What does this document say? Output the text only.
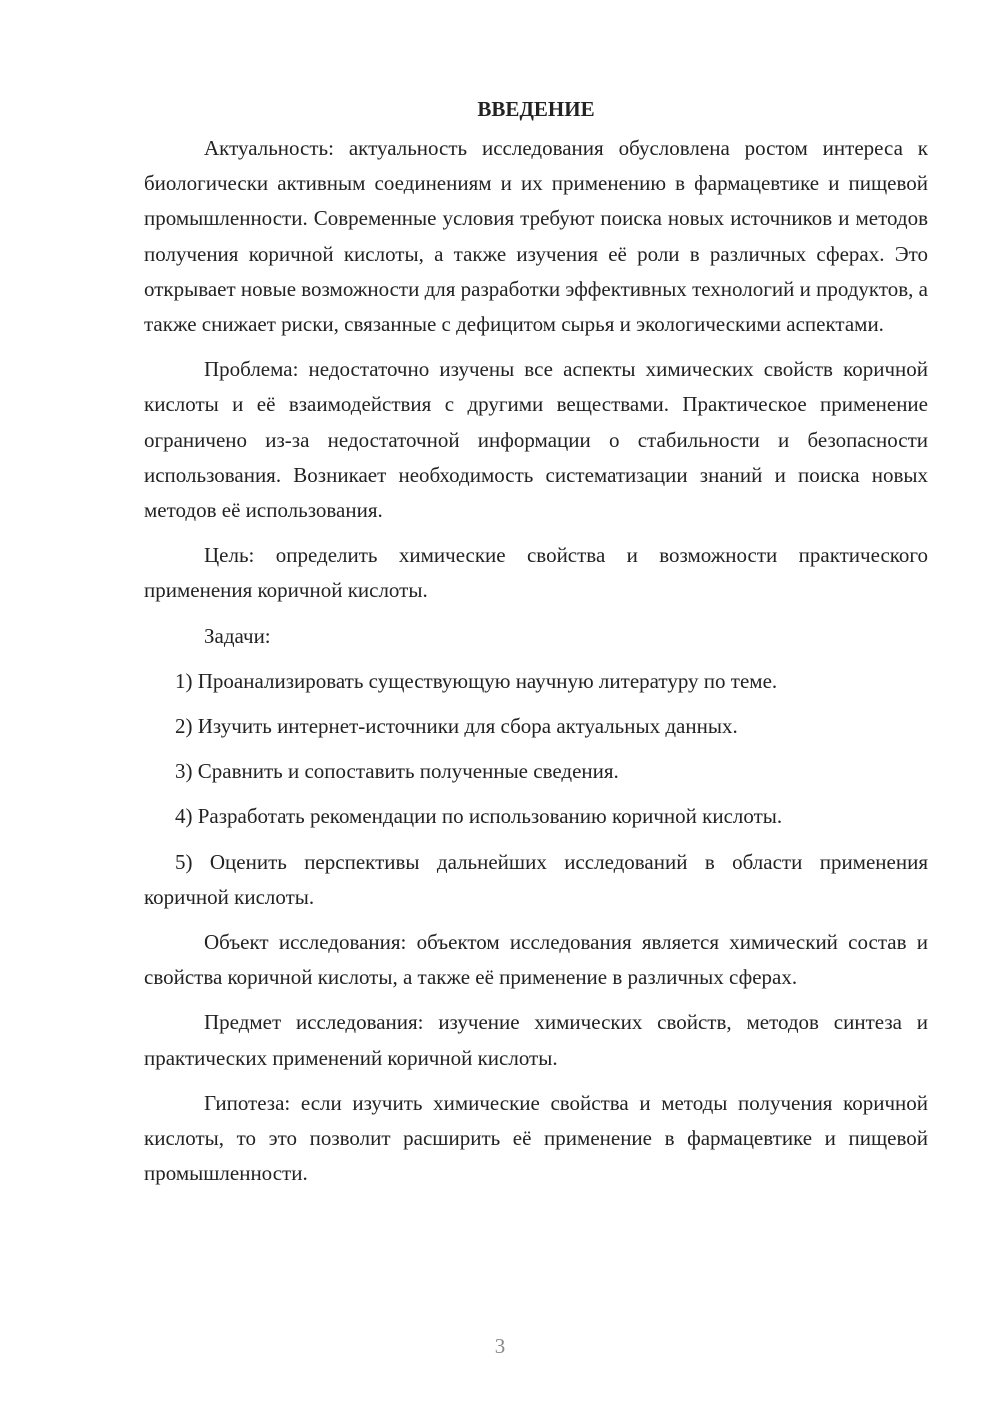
ВВЕДЕНИЕ

Актуальность: актуальность исследования обусловлена ростом интереса к биологически активным соединениям и их применению в фармацевтике и пищевой промышленности. Современные условия требуют поиска новых источников и методов получения коричной кислоты, а также изучения её роли в различных сферах. Это открывает новые возможности для разработки эффективных технологий и продуктов, а также снижает риски, связанные с дефицитом сырья и экологическими аспектами.

Проблема: недостаточно изучены все аспекты химических свойств коричной кислоты и её взаимодействия с другими веществами. Практическое применение ограничено из-за недостаточной информации о стабильности и безопасности использования. Возникает необходимость систематизации знаний и поиска новых методов её использования.

Цель: определить химические свойства и возможности практического применения коричной кислоты.

Задачи:

1) Проанализировать существующую научную литературу по теме.

2) Изучить интернет-источники для сбора актуальных данных.

3) Сравнить и сопоставить полученные сведения.

4) Разработать рекомендации по использованию коричной кислоты.

5) Оценить перспективы дальнейших исследований в области применения коричной кислоты.

Объект исследования: объектом исследования является химический состав и свойства коричной кислоты, а также её применение в различных сферах.

Предмет исследования: изучение химических свойств, методов синтеза и практических применений коричной кислоты.

Гипотеза: если изучить химические свойства и методы получения коричной кислоты, то это позволит расширить её применение в фармацевтике и пищевой промышленности.

3
